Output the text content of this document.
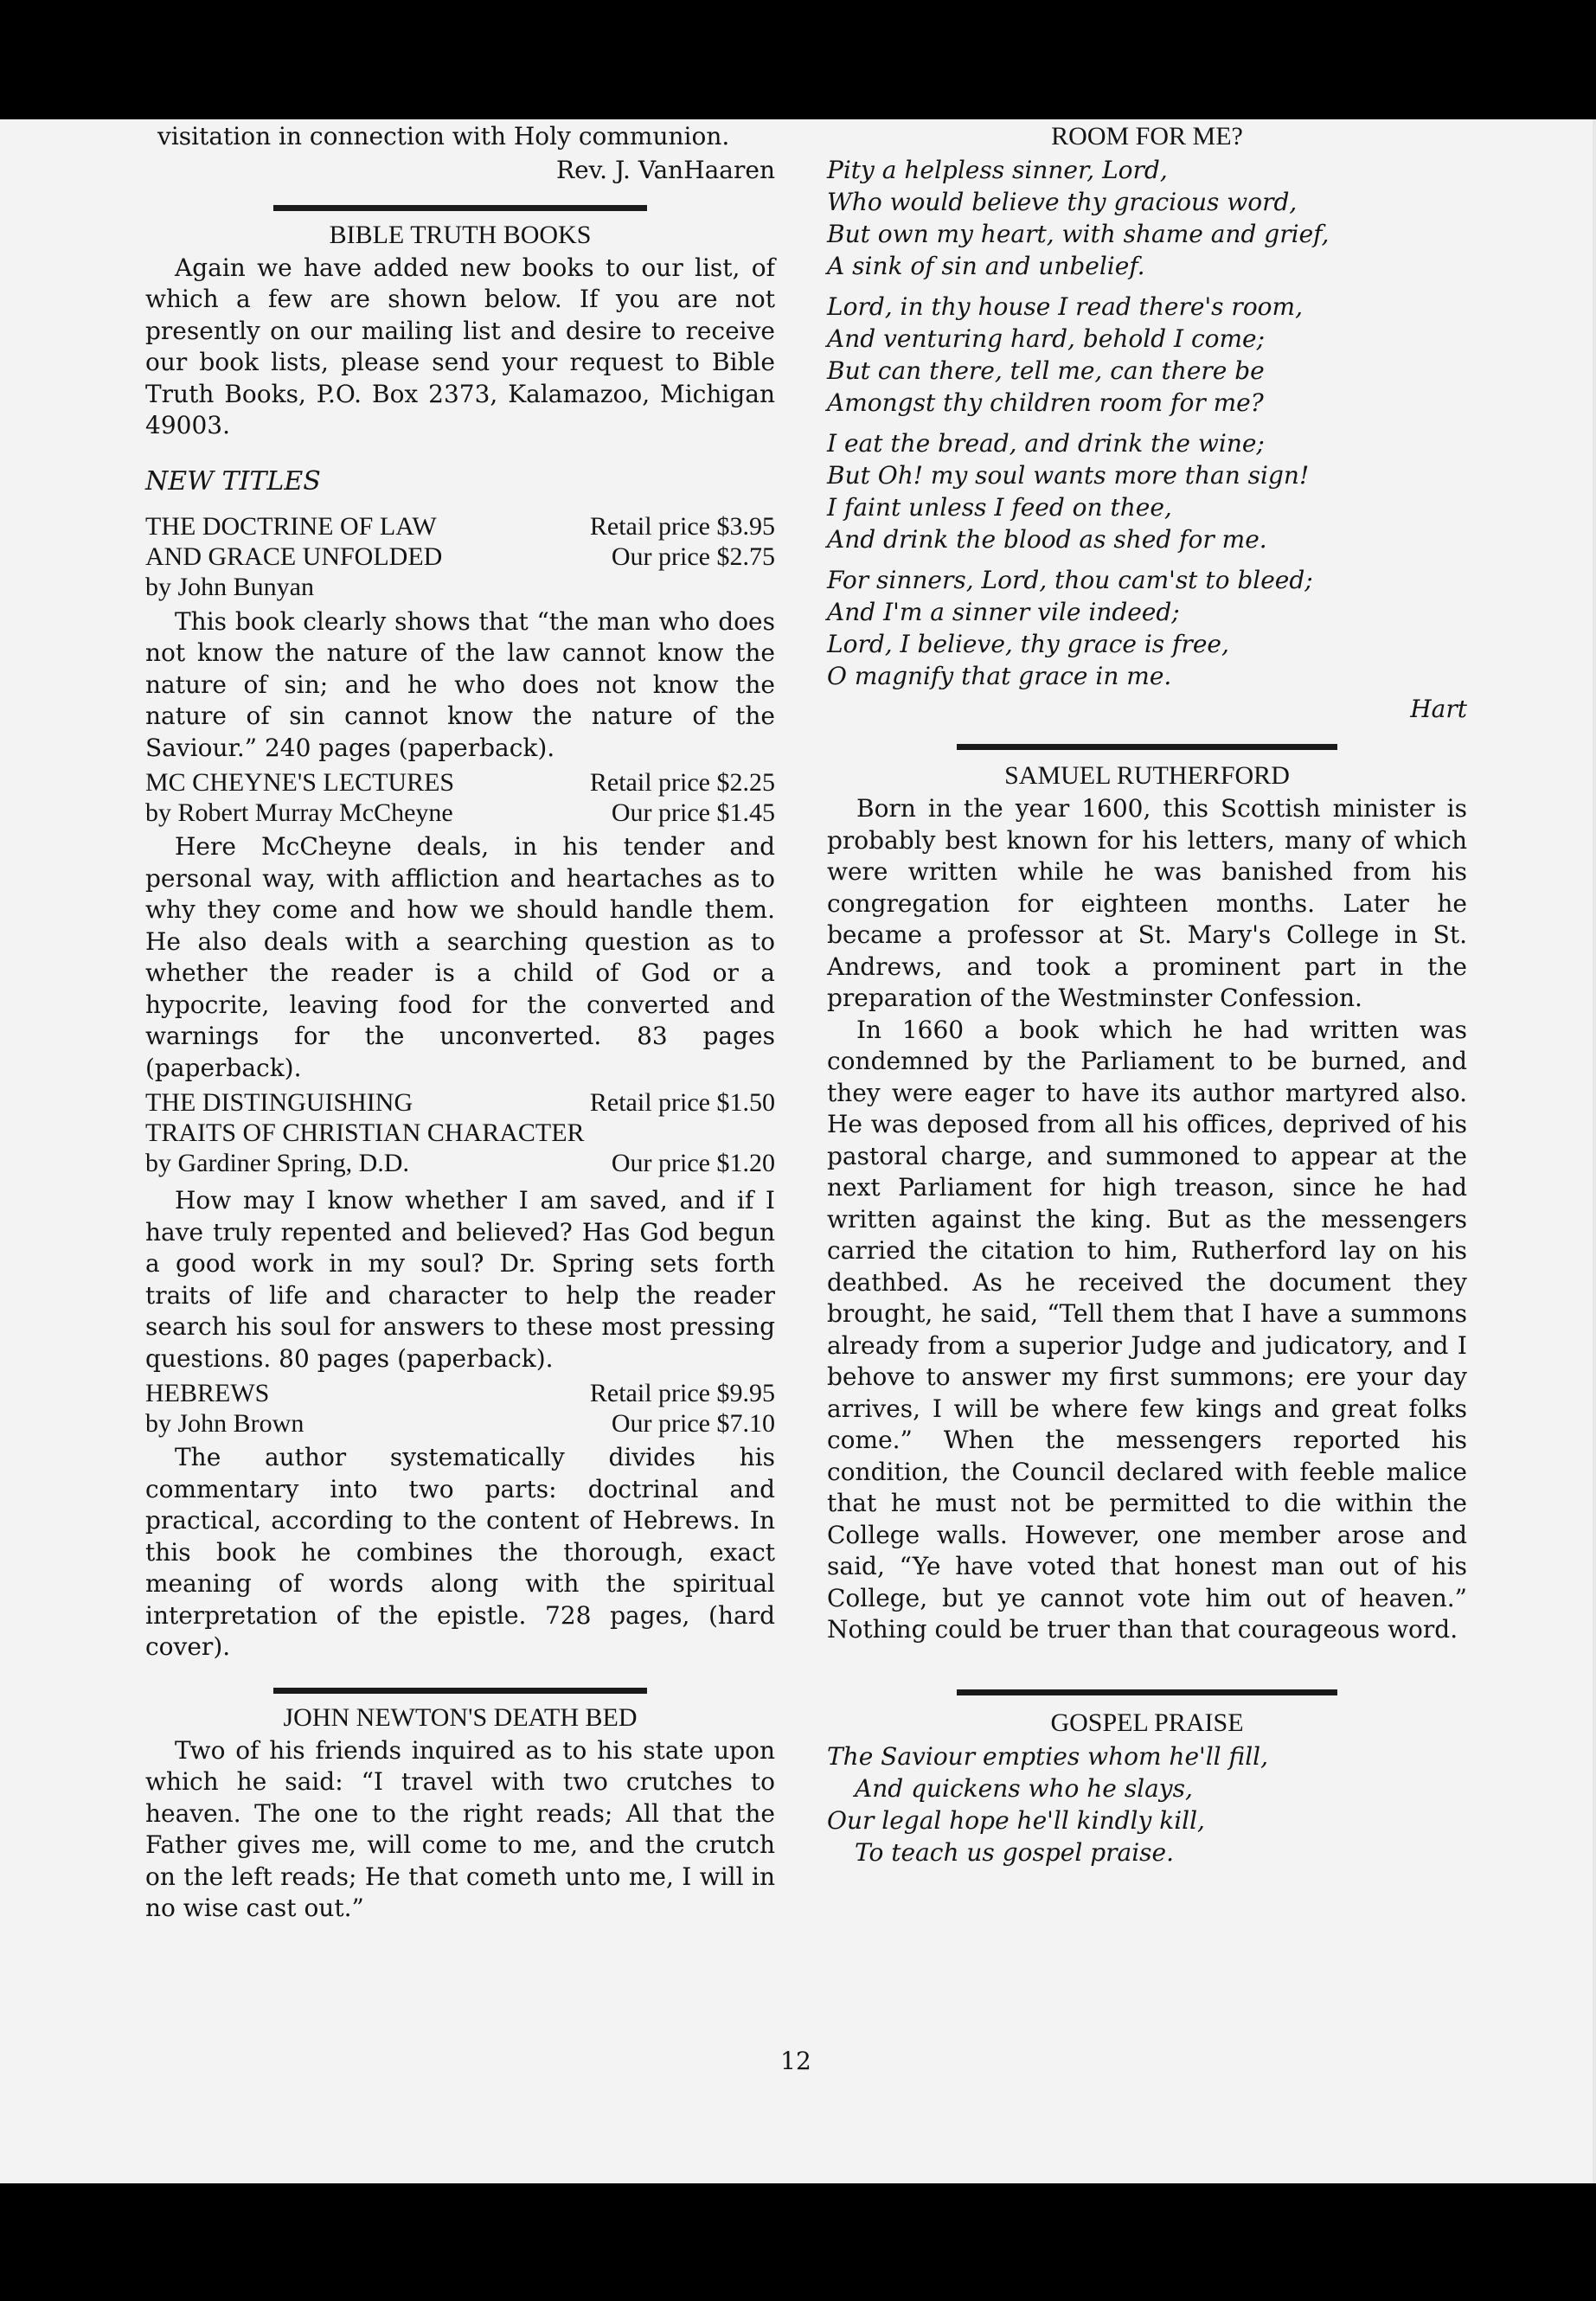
visitation in connection with Holy communion.

Rev. J. VanHaaren
BIBLE TRUTH BOOKS

Again we have added new books to our list, of which a few are shown below. If you are not presently on our mailing list and desire to receive our book lists, please send your request to Bible Truth Books, P.O. Box 2373, Kalamazoo, Michigan 49003.

NEW TITLES
THE DOCTRINE OF LAW	Retail price $3.95
AND GRACE UNFOLDED	Our price $2.75
by John Bunyan

This book clearly shows that “the man who does not know the nature of the law cannot know the nature of sin; and he who does not know the nature of sin cannot know the nature of the Saviour.” 240 pages (paperback).

MC CHEYNE'S LECTURES	Retail price $2.25
by Robert Murray McCheyne	Our price $1.45

Here McCheyne deals, in his tender and personal way, with affliction and heartaches as to why they come and how we should handle them. He also deals with a searching question as to whether the reader is a child of God or a hypocrite, leaving food for the converted and warnings for the unconverted. 83 pages (paperback).

THE DISTINGUISHING	Retail price $1.50
TRAITS OF CHRISTIAN CHARACTER
by Gardiner Spring, D.D.	Our price $1.20

How may I know whether I am saved, and if I have truly repented and believed? Has God begun a good work in my soul? Dr. Spring sets forth traits of life and character to help the reader search his soul for answers to these most pressing questions. 80 pages (paperback).

HEBREWS	Retail price $9.95
by John Brown	Our price $7.10

The author systematically divides his commentary into two parts: doctrinal and practical, according to the content of Hebrews. In this book he combines the thorough, exact meaning of words along with the spiritual interpretation of the epistle. 728 pages, (hard cover).

JOHN NEWTON'S DEATH BED

Two of his friends inquired as to his state upon which he said: “I travel with two crutches to heaven. The one to the right reads; All that the Father gives me, will come to me, and the crutch on the left reads; He that cometh unto me, I will in no wise cast out.”

ROOM FOR ME?
Pity a helpless sinner, Lord,
Who would believe thy gracious word,
But own my heart, with shame and grief,
A sink of sin and unbelief.
Lord, in thy house I read there's room,
And venturing hard, behold I come;
But can there, tell me, can there be
Amongst thy children room for me?
I eat the bread, and drink the wine;
But Oh! my soul wants more than sign!
I faint unless I feed on thee,
And drink the blood as shed for me.
For sinners, Lord, thou cam'st to bleed;
And I'm a sinner vile indeed;
Lord, I believe, thy grace is free,
O magnify that grace in me.
Hart
SAMUEL RUTHERFORD

Born in the year 1600, this Scottish minister is probably best known for his letters, many of which were written while he was banished from his congregation for eighteen months. Later he became a professor at St. Mary's College in St. Andrews, and took a prominent part in the preparation of the Westminster Confession.

In 1660 a book which he had written was condemned by the Parliament to be burned, and they were eager to have its author martyred also. He was deposed from all his offices, deprived of his pastoral charge, and summoned to appear at the next Parliament for high treason, since he had written against the king. But as the messengers carried the citation to him, Rutherford lay on his deathbed. As he received the document they brought, he said, “Tell them that I have a summons already from a superior Judge and judicatory, and I behove to answer my first summons; ere your day arrives, I will be where few kings and great folks come.” When the messengers reported his condition, the Council declared with feeble malice that he must not be permitted to die within the College walls. However, one member arose and said, “Ye have voted that honest man out of his College, but ye cannot vote him out of heaven.” Nothing could be truer than that courageous word.

GOSPEL PRAISE
The Saviour empties whom he'll fill,
And quickens who he slays,
Our legal hope he'll kindly kill,
To teach us gospel praise.
12
